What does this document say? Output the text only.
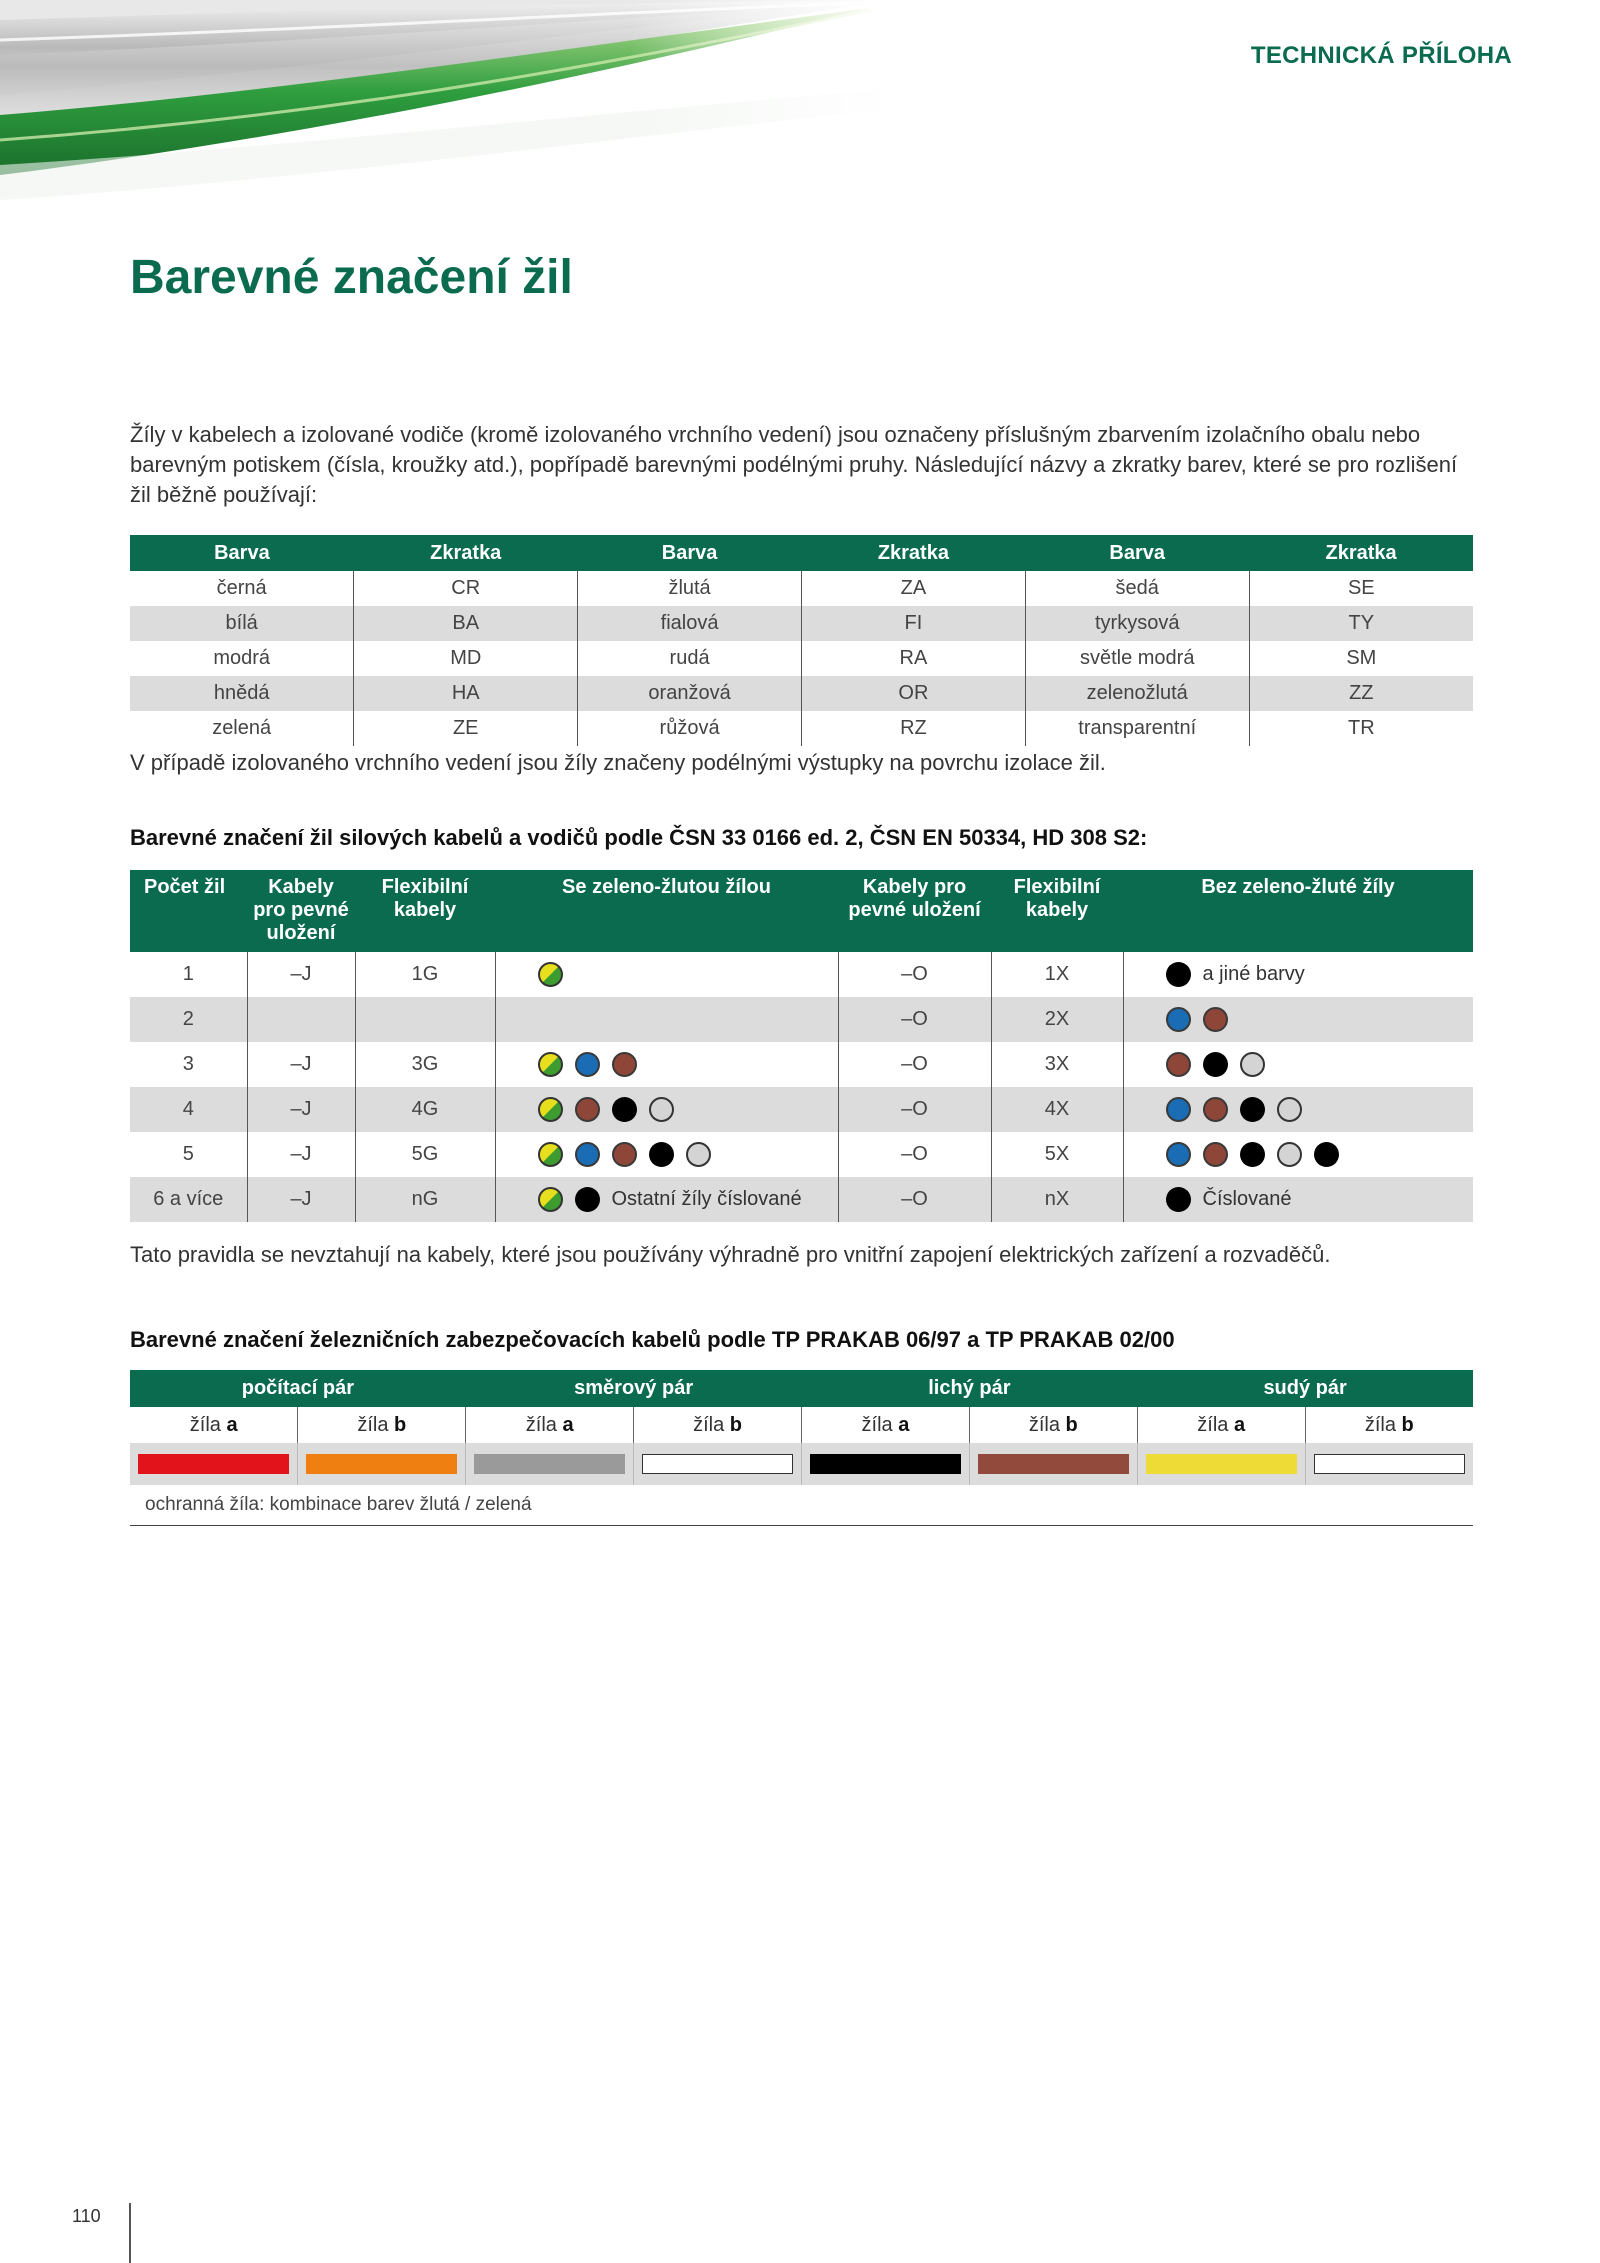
TECHNICKÁ PŘÍLOHA
Barevné značení žil

Žíly v kabelech a izolované vodiče (kromě izolovaného vrchního vedení) jsou označeny příslušným zbarvením izolačního obalu nebo barevným potiskem (čísla, kroužky atd.), popřípadě barevnými podélnými pruhy. Následující názvy a zkratky barev, které se pro rozlišení žil běžně používají:

Barva	Zkratka	Barva	Zkratka	Barva	Zkratka
černá	CR	žlutá	ZA	šedá	SE
bílá	BA	fialová	FI	tyrkysová	TY
modrá	MD	rudá	RA	světle modrá	SM
hnědá	HA	oranžová	OR	zelenožlutá	ZZ
zelená	ZE	růžová	RZ	transparentní	TR

V případě izolovaného vrchního vedení jsou žíly značeny podélnými výstupky na povrchu izolace žil.

Barevné značení žil silových kabelů a vodičů podle ČSN 33 0166 ed. 2, ČSN EN 50334, HD 308 S2:

Počet žil	Kabely pro pevné uložení	Flexibilní kabely	Se zeleno-žlutou žílou	Kabely pro pevné uložení	Flexibilní kabely	Bez zeleno-žluté žíly
1	–J	1G		–O	1X	a jiné barvy
2				–O	2X	
3	–J	3G		–O	3X	
4	–J	4G		–O	4X	
5	–J	5G		–O	5X	
6 a více	–J	nG	Ostatní žíly číslované	–O	nX	Číslované

Tato pravidla se nevztahují na kabely, které jsou používány výhradně pro vnitřní zapojení elektrických zařízení a rozvaděčů.

Barevné značení železničních zabezpečovacích kabelů podle TP PRAKAB 06/97 a TP PRAKAB 02/00

počítací pár		směrový pár		lichý pár		sudý pár	
žíla a	žíla b	žíla a	žíla b	žíla a	žíla b	žíla a	žíla b

ochranná žíla: kombinace barev žlutá / zelená							
110
